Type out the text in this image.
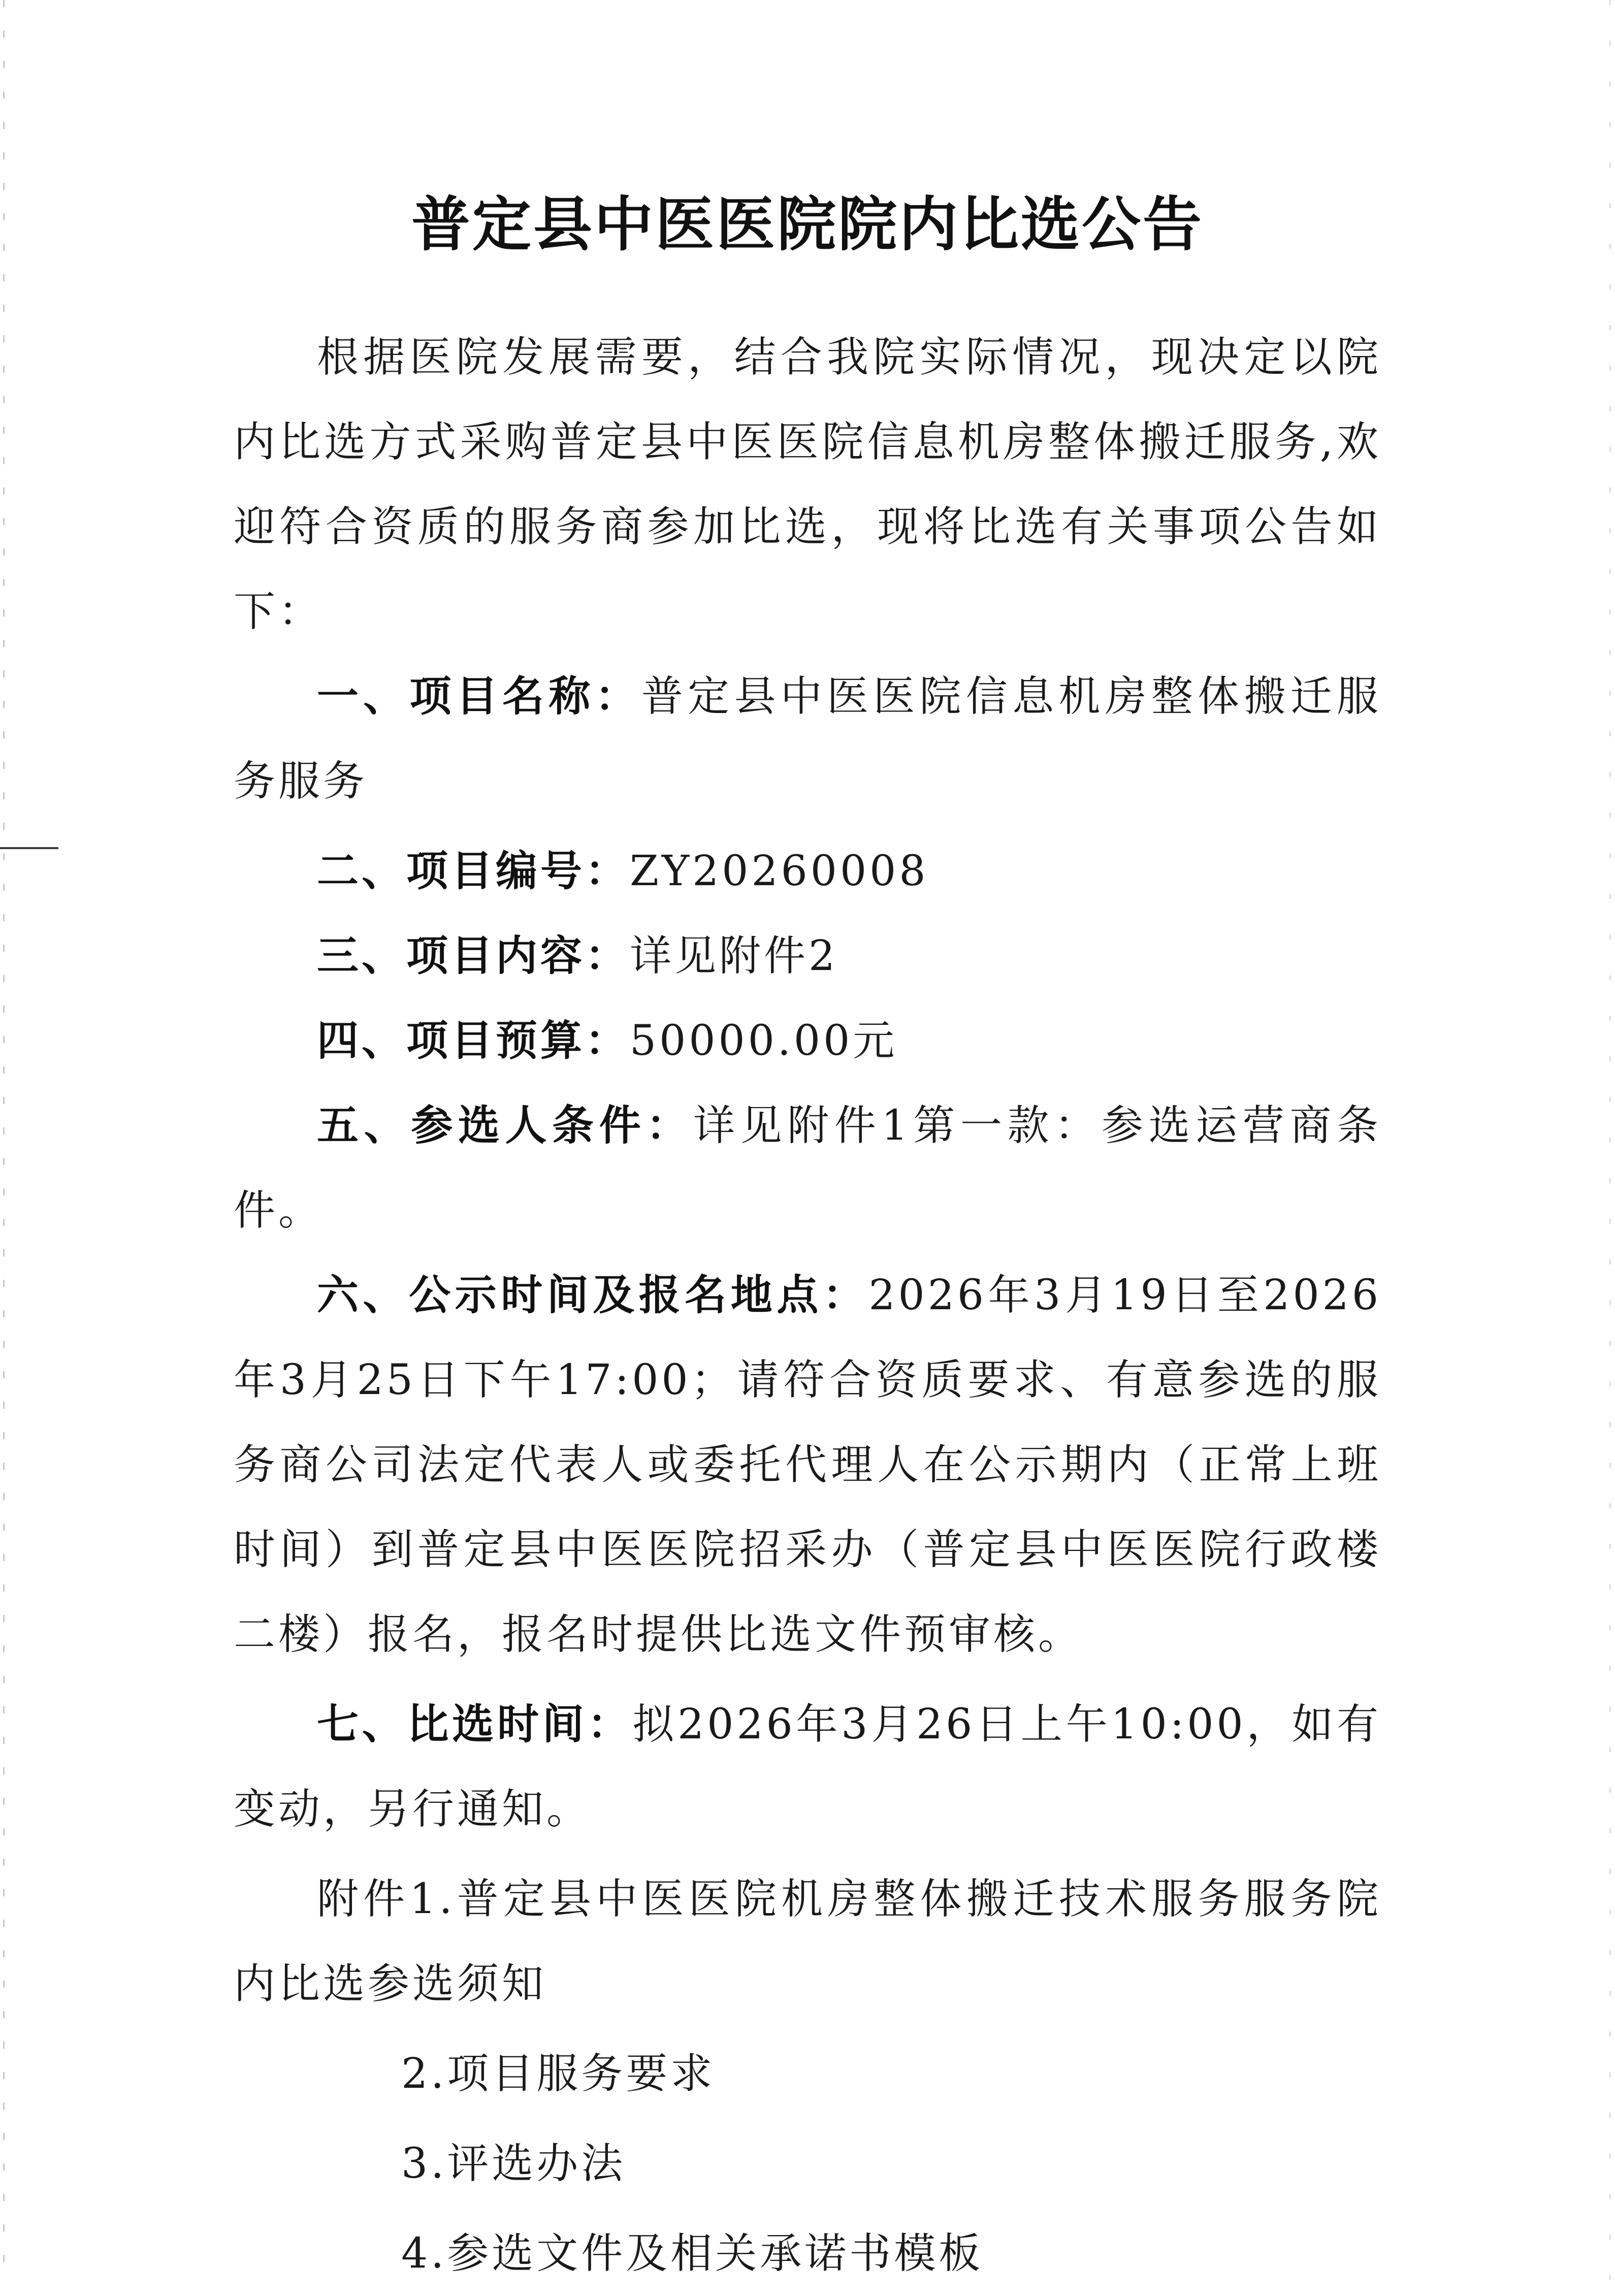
普定县中医医院院内比选公告

根据医院发展需要，结合我院实际情况，现决定以院内比选方式采购普定县中医医院信息机房整体搬迁服务,欢迎符合资质的服务商参加比选，现将比选有关事项公告如下：

一、项目名称：普定县中医医院信息机房整体搬迁服务服务

二、项目编号：ZY20260008

三、项目内容：详见附件2

四、项目预算：50000.00元

五、参选人条件：详见附件1第一款：参选运营商条件。

六、公示时间及报名地点：2026年3月19日至2026年3月25日下午17:00；请符合资质要求、有意参选的服务商公司法定代表人或委托代理人在公示期内（正常上班时间）到普定县中医医院招采办（普定县中医医院行政楼二楼）报名，报名时提供比选文件预审核。

七、比选时间：拟2026年3月26日上午10:00，如有变动，另行通知。

附件1.普定县中医医院机房整体搬迁技术服务服务院内比选参选须知

2.项目服务要求

3.评选办法

4.参选文件及相关承诺书模板
